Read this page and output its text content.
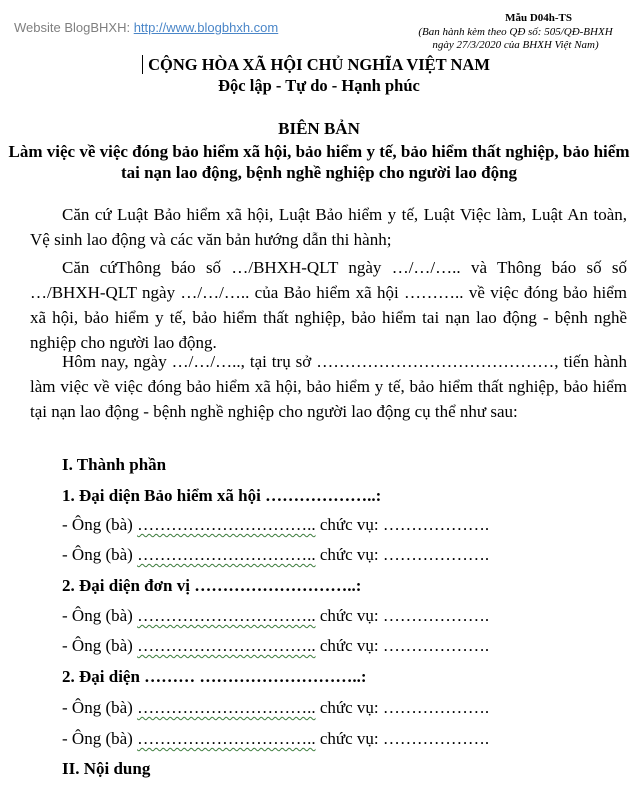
Website BlogBHXH: http://www.blogbhxh.com
Mẫu D04h-TS
(Ban hành kèm theo QĐ số: 505/QĐ-BHXH ngày 27/3/2020 của BHXH Việt Nam)
CỘNG HÒA XÃ HỘI CHỦ NGHĨA VIỆT NAM
Độc lập - Tự do - Hạnh phúc
BIÊN BẢN
Làm việc về việc đóng bảo hiểm xã hội, bảo hiểm y tế, bảo hiểm thất nghiệp, bảo hiểm tai nạn lao động, bệnh nghề nghiệp cho người lao động
Căn cứ Luật Bảo hiểm xã hội, Luật Bảo hiểm y tế, Luật Việc làm, Luật An toàn, Vệ sinh lao động và các văn bản hướng dẫn thi hành;
Căn cứThông báo số …/BHXH-QLT ngày …/…/….. và Thông báo số số …/BHXH-QLT ngày …/…/….. của Bảo hiểm xã hội ……….. về việc đóng bảo hiểm xã hội, bảo hiểm y tế, bảo hiểm thất nghiệp, bảo hiểm tai nạn lao động - bệnh nghề nghiệp cho người lao động.
Hôm nay, ngày …/…/….., tại trụ sở ……………………………………, tiến hành làm việc về việc đóng bảo hiểm xã hội, bảo hiểm y tế, bảo hiểm thất nghiệp, bảo hiểm tại nạn lao động - bệnh nghề nghiệp cho người lao động cụ thể như sau:
I. Thành phần
1. Đại diện Bảo hiểm xã hội ………………..:
- Ông (bà) ………………………….. chức vụ: ……………….
- Ông (bà) ………………………….. chức vụ: ……………….
2. Đại diện đơn vị ………………………..:
- Ông (bà) ………………………….. chức vụ: ……………….
- Ông (bà) ………………………….. chức vụ: ……………….
2. Đại diện ……… ………………………..:
- Ông (bà) ………………………….. chức vụ: ……………….
- Ông (bà) ………………………….. chức vụ: ……………….
II. Nội dung
